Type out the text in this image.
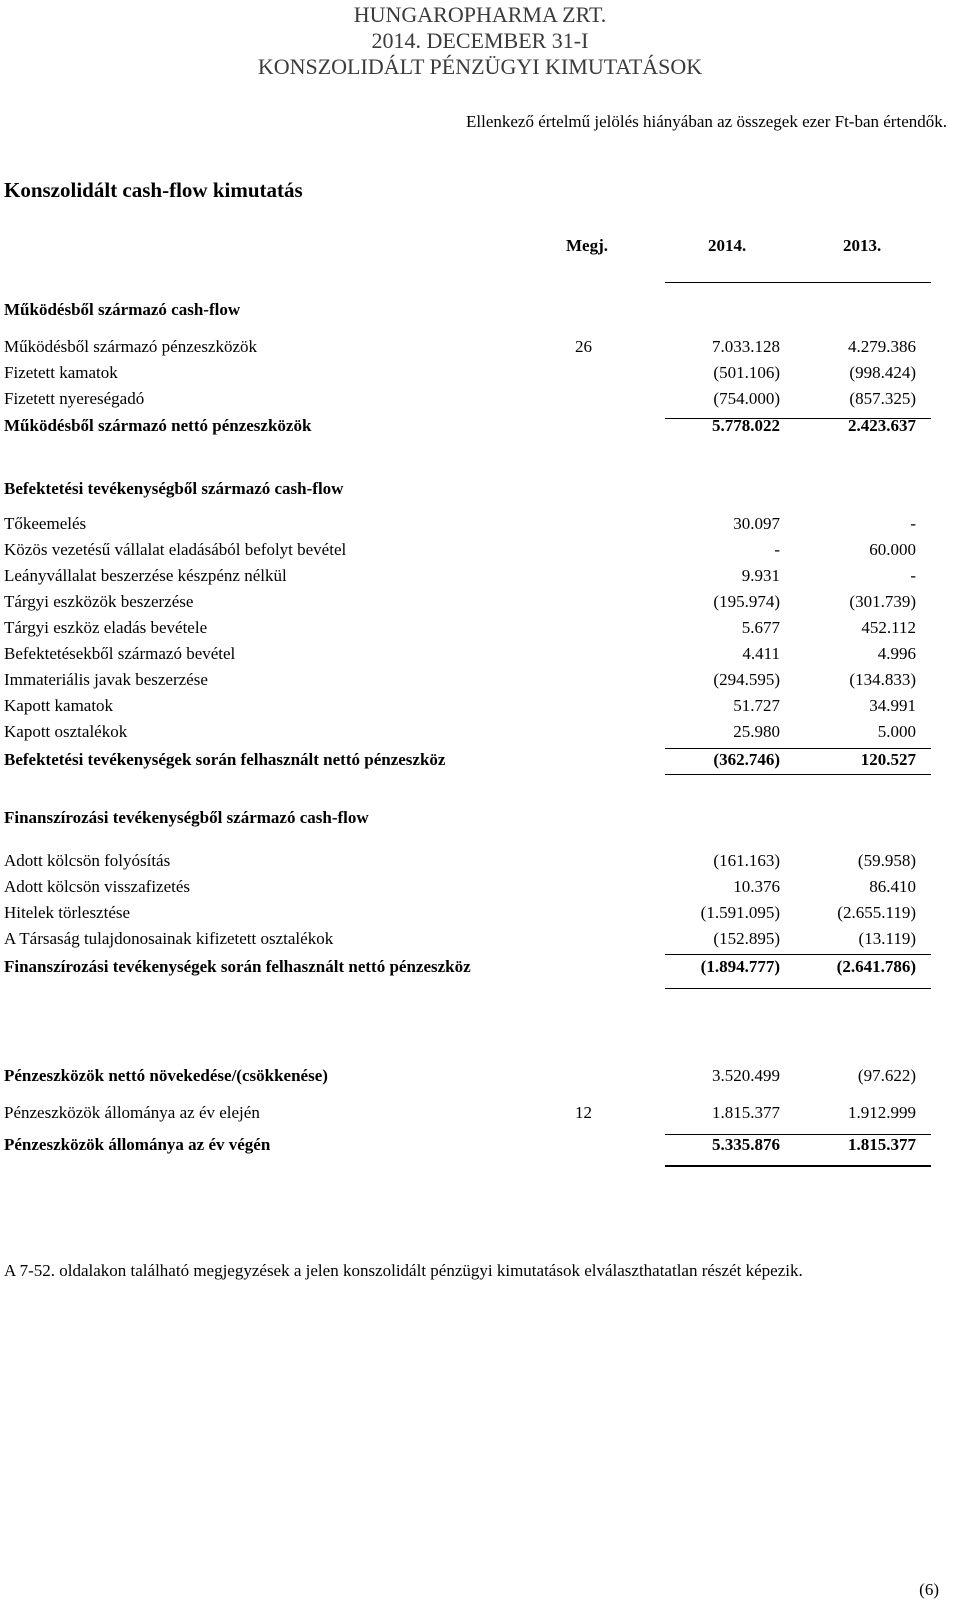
HUNGAROPHARMA ZRT.
2014. DECEMBER 31-I
KONSZOLIDÁLT PÉNZÜGYI KIMUTATÁSOK
Ellenkező értelmű jelölés hiányában az összegek ezer Ft-ban értendők.
Konszolidált cash-flow kimutatás
Megj.	2014.	2013.
Működésből származó cash-flow
Működésből származó pénzeszközök	26	7.033.128	4.279.386
Fizetett kamatok	(501.106)	(998.424)
Fizetett nyereségadó	(754.000)	(857.325)
Működésből származó nettó pénzeszközök	5.778.022	2.423.637
Befektetési tevékenységből származó cash-flow
Tőkeemelés	30.097	-
Közös vezetésű vállalat eladásából befolyt bevétel	-	60.000
Leányvállalat beszerzése készpénz nélkül	9.931	-
Tárgyi eszközök beszerzése	(195.974)	(301.739)
Tárgyi eszköz eladás bevétele	5.677	452.112
Befektetésekből származó bevétel	4.411	4.996
Immateriális javak beszerzése	(294.595)	(134.833)
Kapott kamatok	51.727	34.991
Kapott osztalékok	25.980	5.000
Befektetési tevékenységek során felhasznált nettó pénzeszköz	(362.746)	120.527
Finanszírozási tevékenységből származó cash-flow
Adott kölcsön folyósítás	(161.163)	(59.958)
Adott kölcsön visszafizetés	10.376	86.410
Hitelek törlesztése	(1.591.095)	(2.655.119)
A Társaság tulajdonosainak kifizetett osztalékok	(152.895)	(13.119)
Finanszírozási tevékenységek során felhasznált nettó pénzeszköz	(1.894.777)	(2.641.786)
Pénzeszközök nettó növekedése/(csökkenése)	3.520.499	(97.622)
Pénzeszközök állománya az év elején	12	1.815.377	1.912.999
Pénzeszközök állománya az év végén	5.335.876	1.815.377
A 7-52. oldalakon található megjegyzések a jelen konszolidált pénzügyi kimutatások elválaszthatatlan részét képezik.
(6)
